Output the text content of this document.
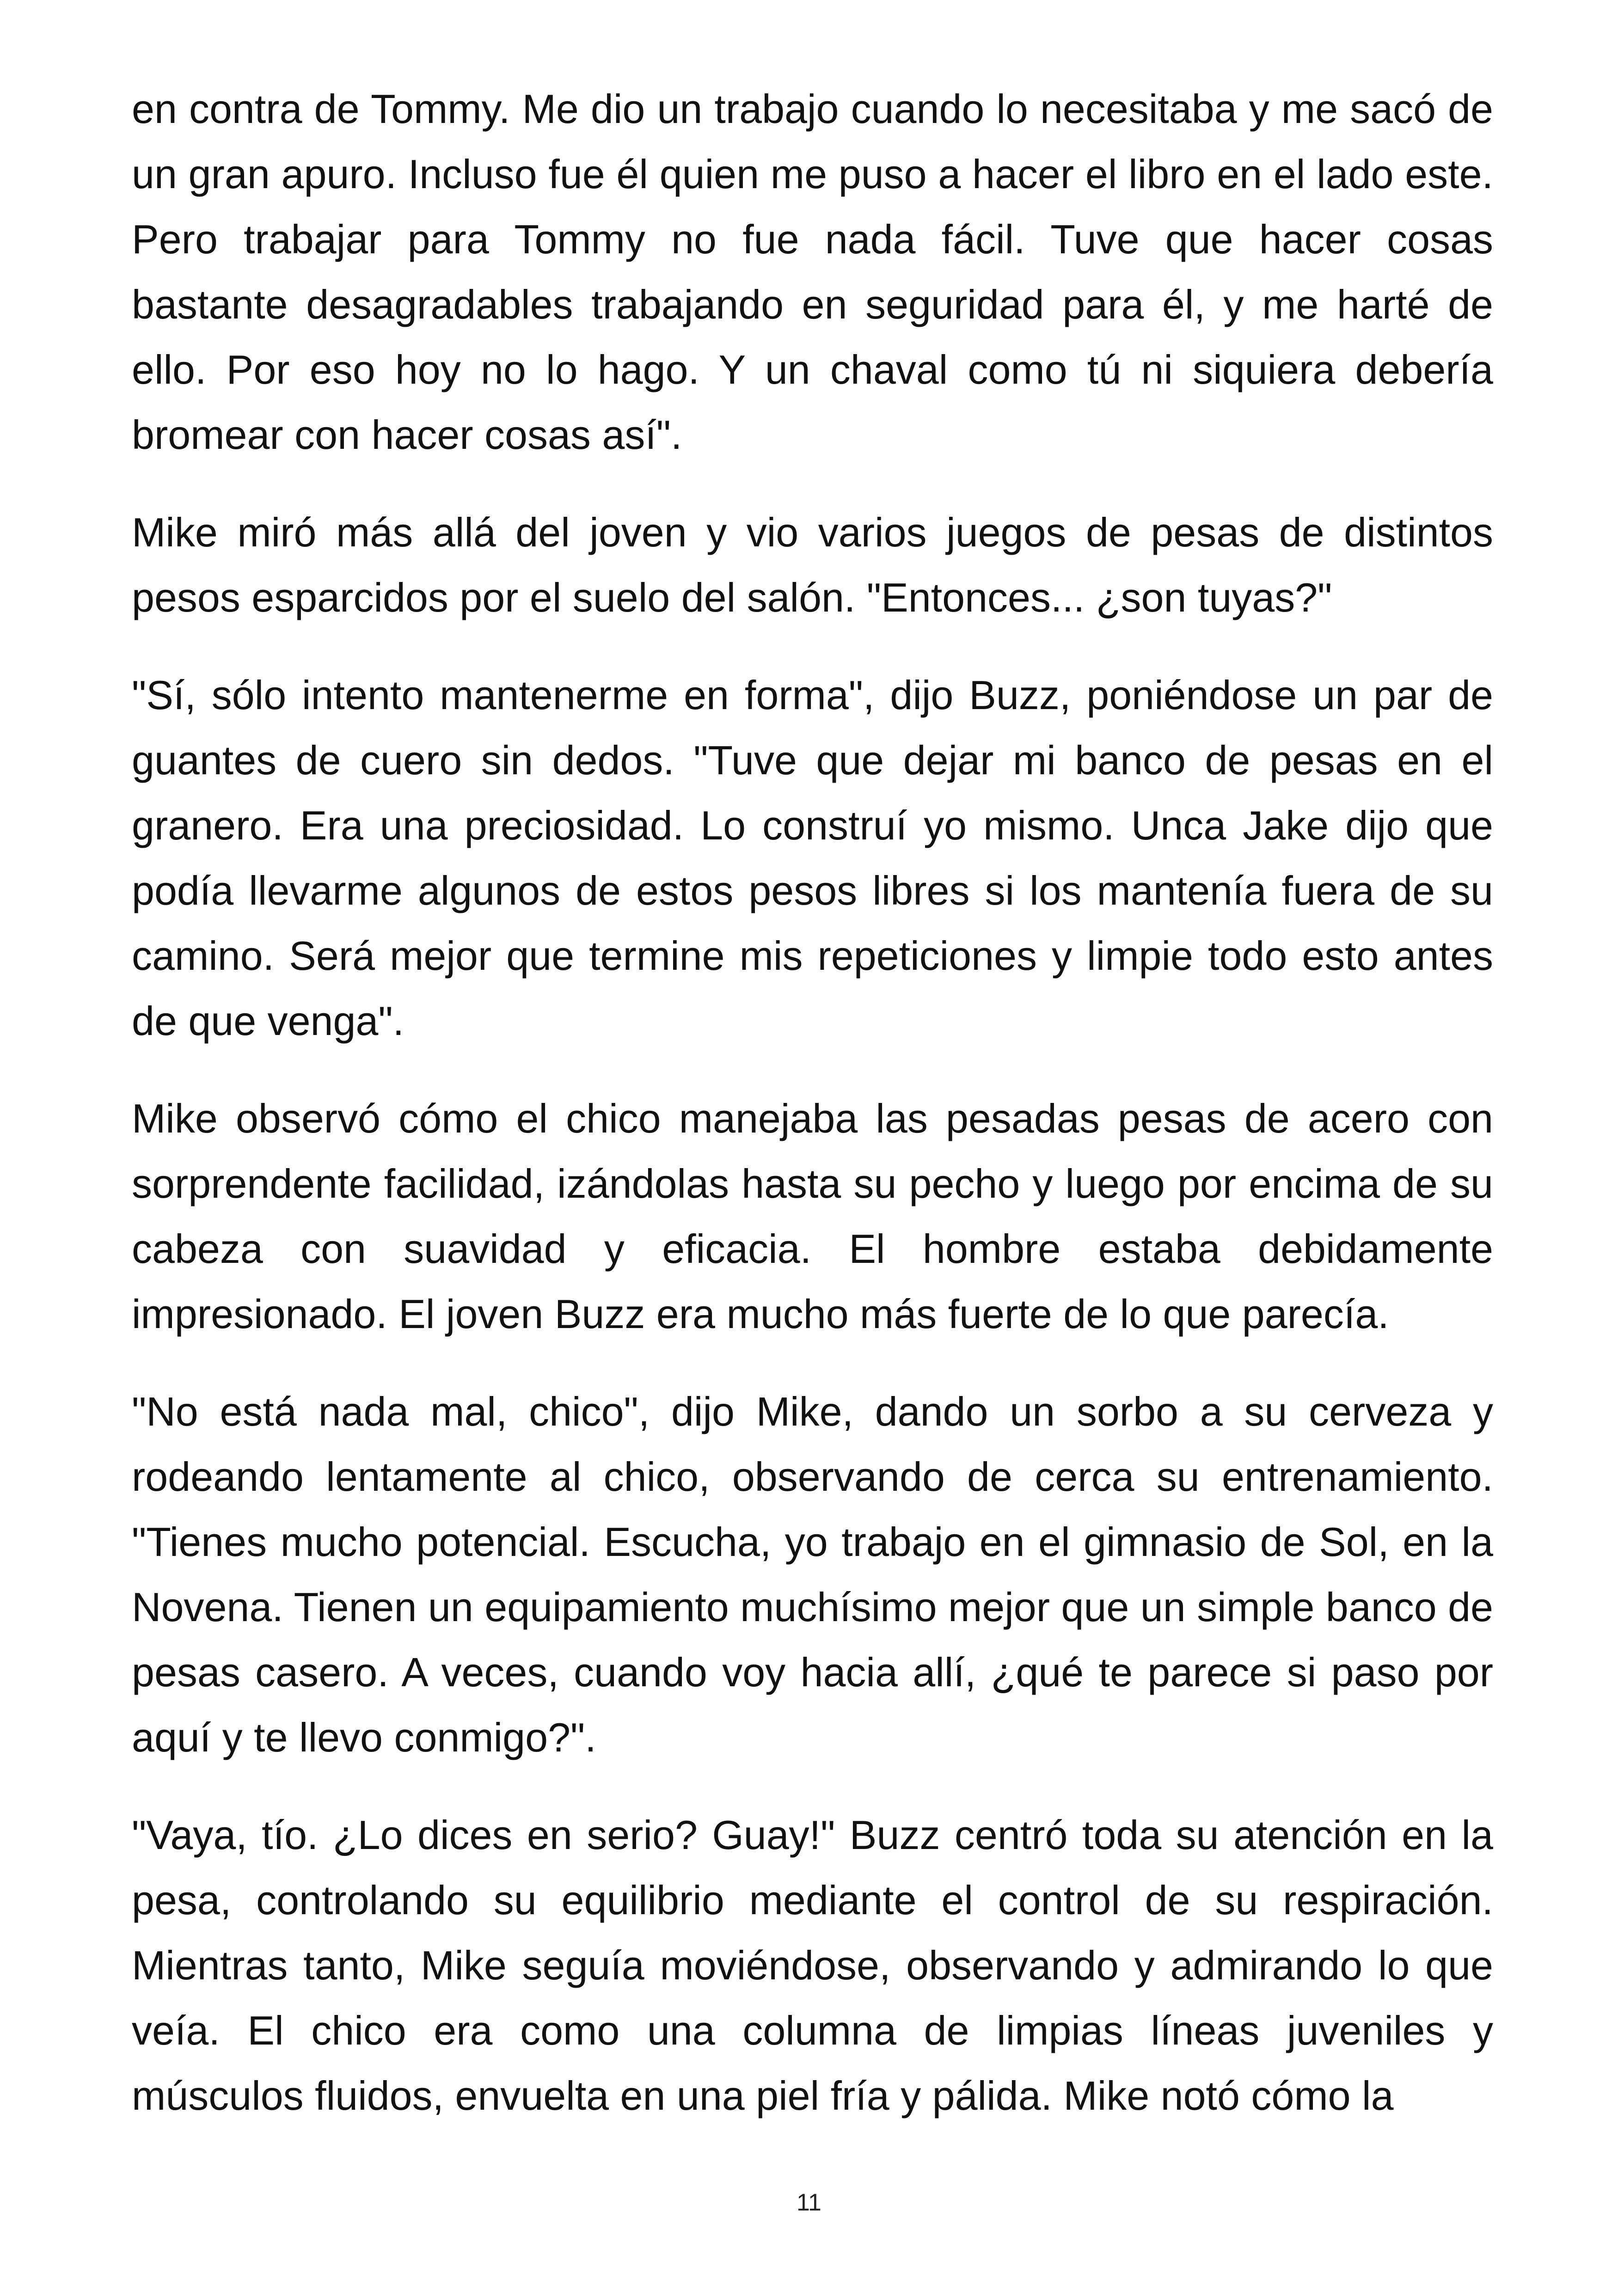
en contra de Tommy. Me dio un trabajo cuando lo necesitaba y me sacó de un gran apuro. Incluso fue él quien me puso a hacer el libro en el lado este. Pero trabajar para Tommy no fue nada fácil. Tuve que hacer cosas bastante desagradables trabajando en seguridad para él, y me harté de ello. Por eso hoy no lo hago. Y un chaval como tú ni siquiera debería bromear con hacer cosas así".

Mike miró más allá del joven y vio varios juegos de pesas de distintos pesos esparcidos por el suelo del salón. "Entonces... ¿son tuyas?"

"Sí, sólo intento mantenerme en forma", dijo Buzz, poniéndose un par de guantes de cuero sin dedos. "Tuve que dejar mi banco de pesas en el granero. Era una preciosidad. Lo construí yo mismo. Unca Jake dijo que podía llevarme algunos de estos pesos libres si los mantenía fuera de su camino. Será mejor que termine mis repeticiones y limpie todo esto antes de que venga".

Mike observó cómo el chico manejaba las pesadas pesas de acero con sorprendente facilidad, izándolas hasta su pecho y luego por encima de su cabeza con suavidad y eficacia. El hombre estaba debidamente impresionado. El joven Buzz era mucho más fuerte de lo que parecía.

"No está nada mal, chico", dijo Mike, dando un sorbo a su cerveza y rodeando lentamente al chico, observando de cerca su entrenamiento. "Tienes mucho potencial. Escucha, yo trabajo en el gimnasio de Sol, en la Novena. Tienen un equipamiento muchísimo mejor que un simple banco de pesas casero. A veces, cuando voy hacia allí, ¿qué te parece si paso por aquí y te llevo conmigo?".

"Vaya, tío. ¿Lo dices en serio? Guay!" Buzz centró toda su atención en la pesa, controlando su equilibrio mediante el control de su respiración. Mientras tanto, Mike seguía moviéndose, observando y admirando lo que veía. El chico era como una columna de limpias líneas juveniles y músculos fluidos, envuelta en una piel fría y pálida. Mike notó cómo la

11
